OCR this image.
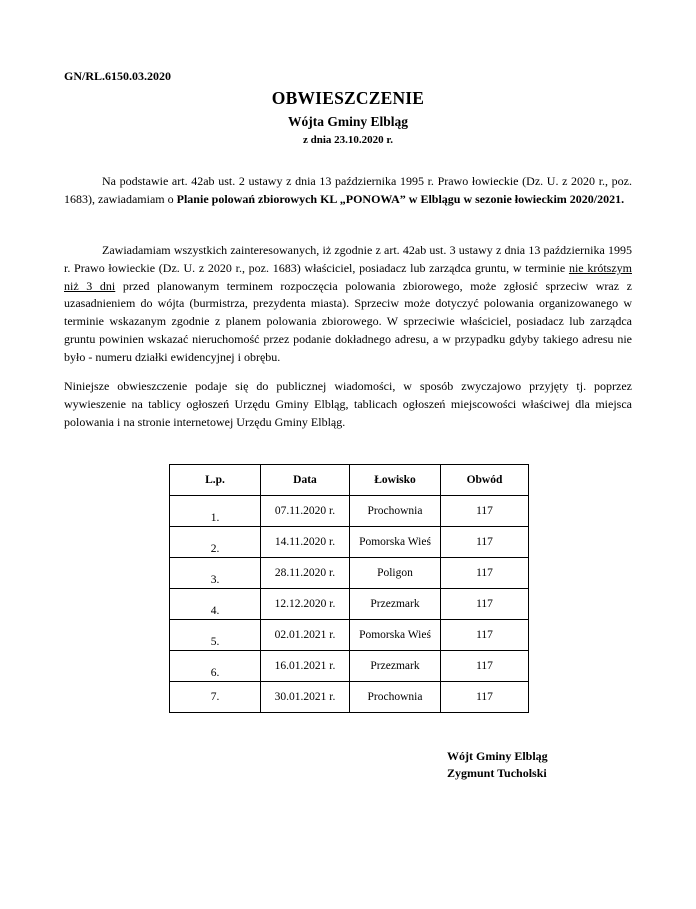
GN/RL.6150.03.2020
OBWIESZCZENIE
Wójta Gminy Elbląg
z dnia 23.10.2020 r.

Na podstawie art. 42ab ust. 2 ustawy z dnia 13 października 1995 r. Prawo łowieckie (Dz. U. z 2020 r., poz. 1683), zawiadamiam o Planie polowań zbiorowych KL „PONOWA” w Elblągu w sezonie łowieckim 2020/2021.

Zawiadamiam wszystkich zainteresowanych, iż zgodnie z art. 42ab ust. 3 ustawy z dnia 13 października 1995 r. Prawo łowieckie (Dz. U. z 2020 r., poz. 1683) właściciel, posiadacz lub zarządca gruntu, w terminie nie krótszym niż 3 dni przed planowanym terminem rozpoczęcia polowania zbiorowego, może zgłosić sprzeciw wraz z uzasadnieniem do wójta (burmistrza, prezydenta miasta). Sprzeciw może dotyczyć polowania organizowanego w terminie wskazanym zgodnie z planem polowania zbiorowego. W sprzeciwie właściciel, posiadacz lub zarządca gruntu powinien wskazać nieruchomość przez podanie dokładnego adresu, a w przypadku gdyby takiego adresu nie było - numeru działki ewidencyjnej i obrębu.

Niniejsze obwieszczenie podaje się do publicznej wiadomości, w sposób zwyczajowo przyjęty tj. poprzez wywieszenie na tablicy ogłoszeń Urzędu Gminy Elbląg, tablicach ogłoszeń miejscowości właściwej dla miejsca polowania i na stronie internetowej Urzędu Gminy Elbląg.

L.p.	Data	Łowisko	Obwód
1.	07.11.2020 r.	Prochownia	117
2.	14.11.2020 r.	Pomorska Wieś	117
3.	28.11.2020 r.	Poligon	117
4.	12.12.2020 r.	Przezmark	117
5.	02.01.2021 r.	Pomorska Wieś	117
6.	16.01.2021 r.	Przezmark	117
7.	30.01.2021 r.	Prochownia	117
Wójt Gminy Elbląg
Zygmunt Tucholski
